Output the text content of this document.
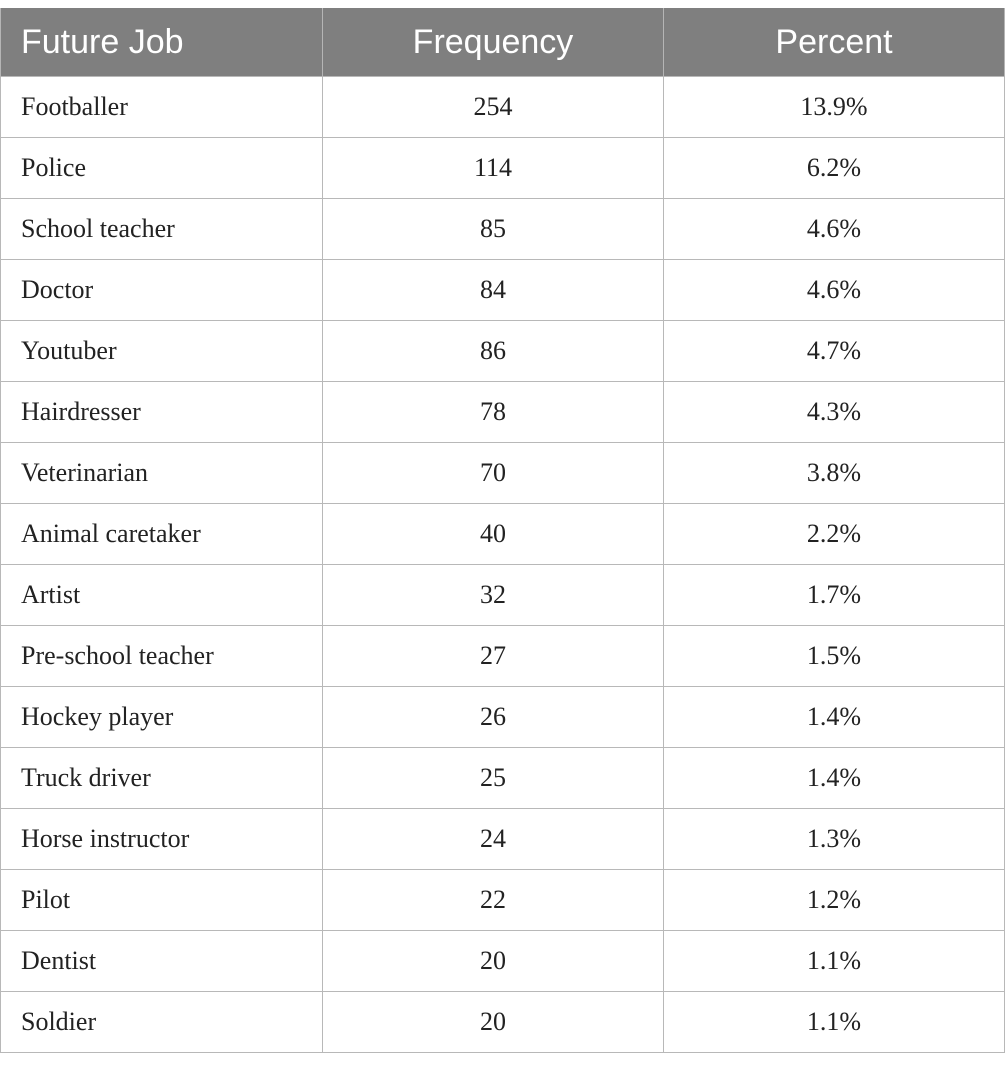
Future Job	Frequency	Percent
Footballer	254	13.9%
Police	114	6.2%
School teacher	85	4.6%
Doctor	84	4.6%
Youtuber	86	4.7%
Hairdresser	78	4.3%
Veterinarian	70	3.8%
Animal caretaker	40	2.2%
Artist	32	1.7%
Pre-school teacher	27	1.5%
Hockey player	26	1.4%
Truck driver	25	1.4%
Horse instructor	24	1.3%
Pilot	22	1.2%
Dentist	20	1.1%
Soldier	20	1.1%
